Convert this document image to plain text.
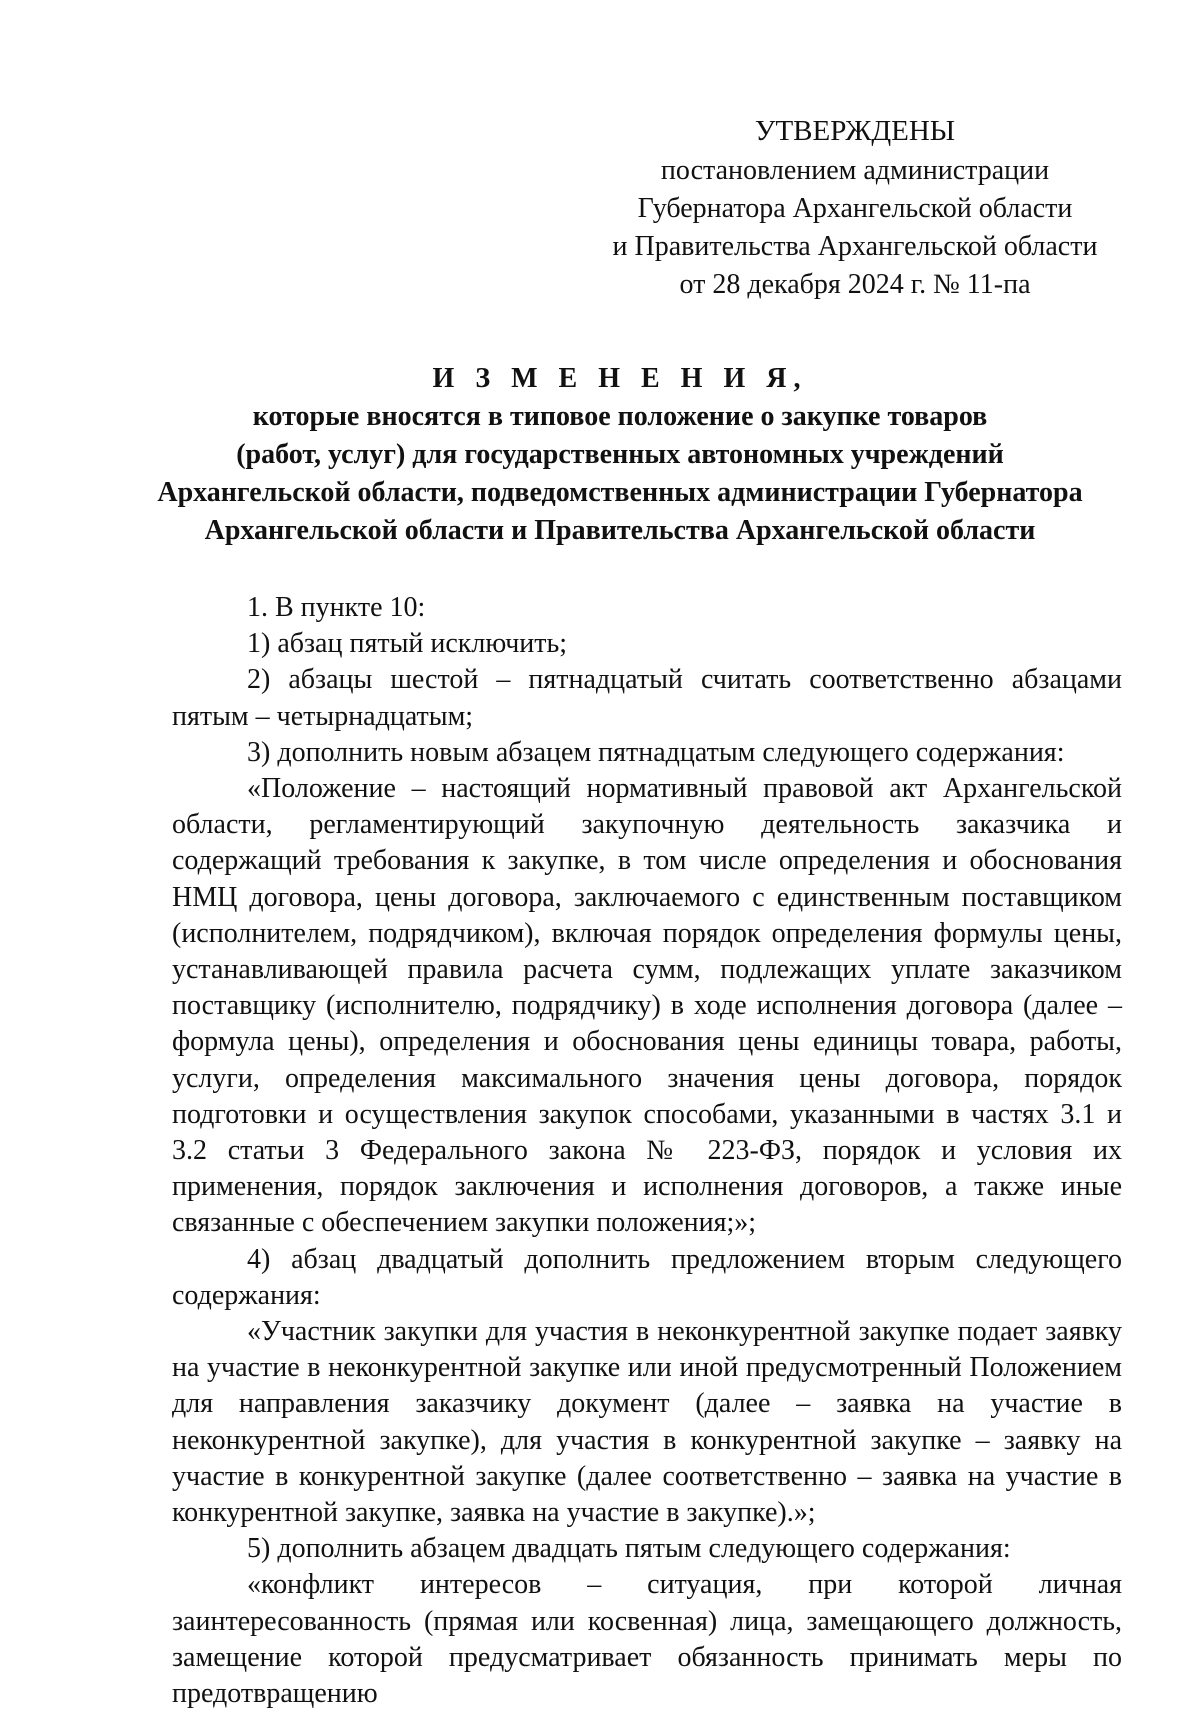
УТВЕРЖДЕНЫ
постановлением администрации
Губернатора Архангельской области
и Правительства Архангельской области
от 28 декабря 2024 г. № 11-па
И З М Е Н Е Н И Я,
которые вносятся в типовое положение о закупке товаров
(работ, услуг) для государственных автономных учреждений
Архангельской области, подведомственных администрации Губернатора
Архангельской области и Правительства Архангельской области

1. В пункте 10:

1) абзац пятый исключить;

2) абзацы шестой – пятнадцатый считать соответственно абзацами пятым – четырнадцатым;

3) дополнить новым абзацем пятнадцатым следующего содержания:

«Положение – настоящий нормативный правовой акт Архангельской области, регламентирующий закупочную деятельность заказчика и содержащий требования к закупке, в том числе определения и обоснования НМЦ договора, цены договора, заключаемого с единственным поставщиком (исполнителем, подрядчиком), включая порядок определения формулы цены, устанавливающей правила расчета сумм, подлежащих уплате заказчиком поставщику (исполнителю, подрядчику) в ходе исполнения договора (далее – формула цены), определения и обоснования цены единицы товара, работы, услуги, определения максимального значения цены договора, порядок подготовки и осуществления закупок способами, указанными в частях 3.1 и 3.2 статьи 3 Федерального закона № 223-ФЗ, порядок и условия их применения, порядок заключения и исполнения договоров, а также иные связанные с обеспечением закупки положения;»;

4) абзац двадцатый дополнить предложением вторым следующего содержания:

«Участник закупки для участия в неконкурентной закупке подает заявку на участие в неконкурентной закупке или иной предусмотренный Положением для направления заказчику документ (далее – заявка на участие в неконкурентной закупке), для участия в конкурентной закупке – заявку на участие в конкурентной закупке (далее соответственно – заявка на участие в конкурентной закупке, заявка на участие в закупке).»;

5) дополнить абзацем двадцать пятым следующего содержания:

«конфликт интересов – ситуация, при которой личная заинтересованность (прямая или косвенная) лица, замещающего должность, замещение которой предусматривает обязанность принимать меры по предотвращению
